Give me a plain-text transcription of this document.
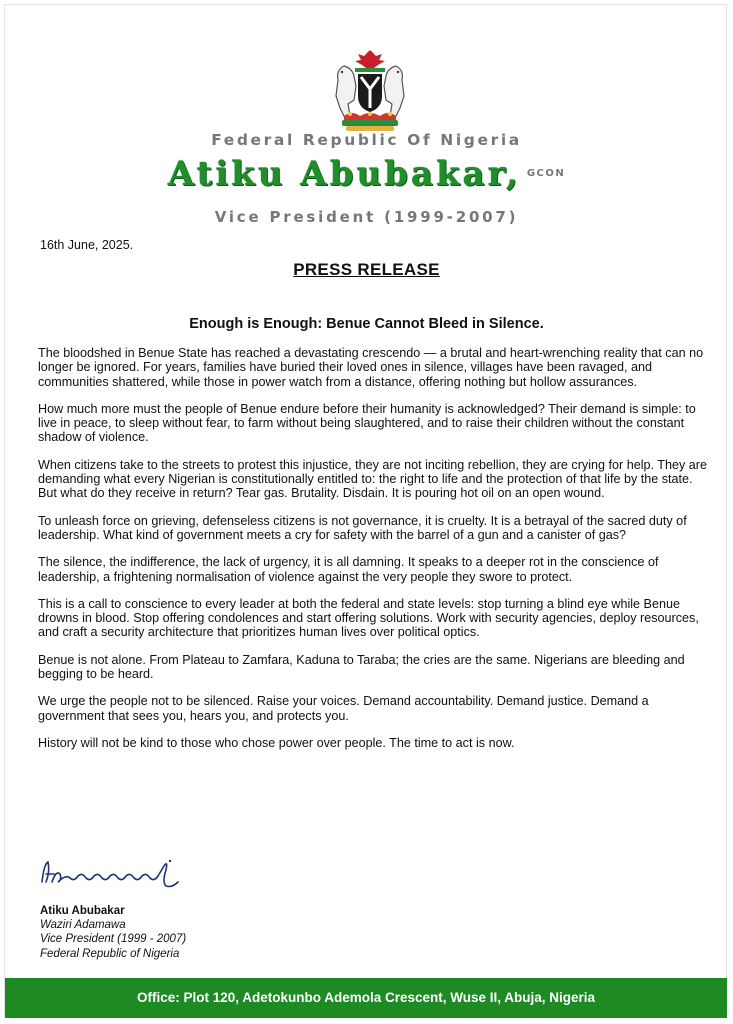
Federal Republic Of Nigeria
Atiku Abubakar, $^{GCON}$
Vice President (1999-2007)
16th June, 2025.
PRESS RELEASE
Enough is Enough: Benue Cannot Bleed in Silence.

The bloodshed in Benue State has reached a devastating crescendo — a brutal and heart-wrenching reality that can no longer be ignored. For years, families have buried their loved ones in silence, villages have been ravaged, and communities shattered, while those in power watch from a distance, offering nothing but hollow assurances.

How much more must the people of Benue endure before their humanity is acknowledged? Their demand is simple: to live in peace, to sleep without fear, to farm without being slaughtered, and to raise their children without the constant shadow of violence.

When citizens take to the streets to protest this injustice, they are not inciting rebellion, they are crying for help. They are demanding what every Nigerian is constitutionally entitled to: the right to life and the protection of that life by the state. But what do they receive in return? Tear gas. Brutality. Disdain. It is pouring hot oil on an open wound.

To unleash force on grieving, defenseless citizens is not governance, it is cruelty. It is a betrayal of the sacred duty of leadership. What kind of government meets a cry for safety with the barrel of a gun and a canister of gas?

The silence, the indifference, the lack of urgency, it is all damning. It speaks to a deeper rot in the conscience of leadership, a frightening normalisation of violence against the very people they swore to protect.

This is a call to conscience to every leader at both the federal and state levels: stop turning a blind eye while Benue drowns in blood. Stop offering condolences and start offering solutions. Work with security agencies, deploy resources, and craft a security architecture that prioritizes human lives over political optics.

Benue is not alone. From Plateau to Zamfara, Kaduna to Taraba; the cries are the same. Nigerians are bleeding and begging to be heard.

We urge the people not to be silenced. Raise your voices. Demand accountability. Demand justice. Demand a government that sees you, hears you, and protects you.

History will not be kind to those who chose power over people. The time to act is now.

Atiku Abubakar
Waziri Adamawa
Vice President (1999 - 2007)
Federal Republic of Nigeria
Office: Plot 120, Adetokunbo Ademola Crescent, Wuse II, Abuja, Nigeria
